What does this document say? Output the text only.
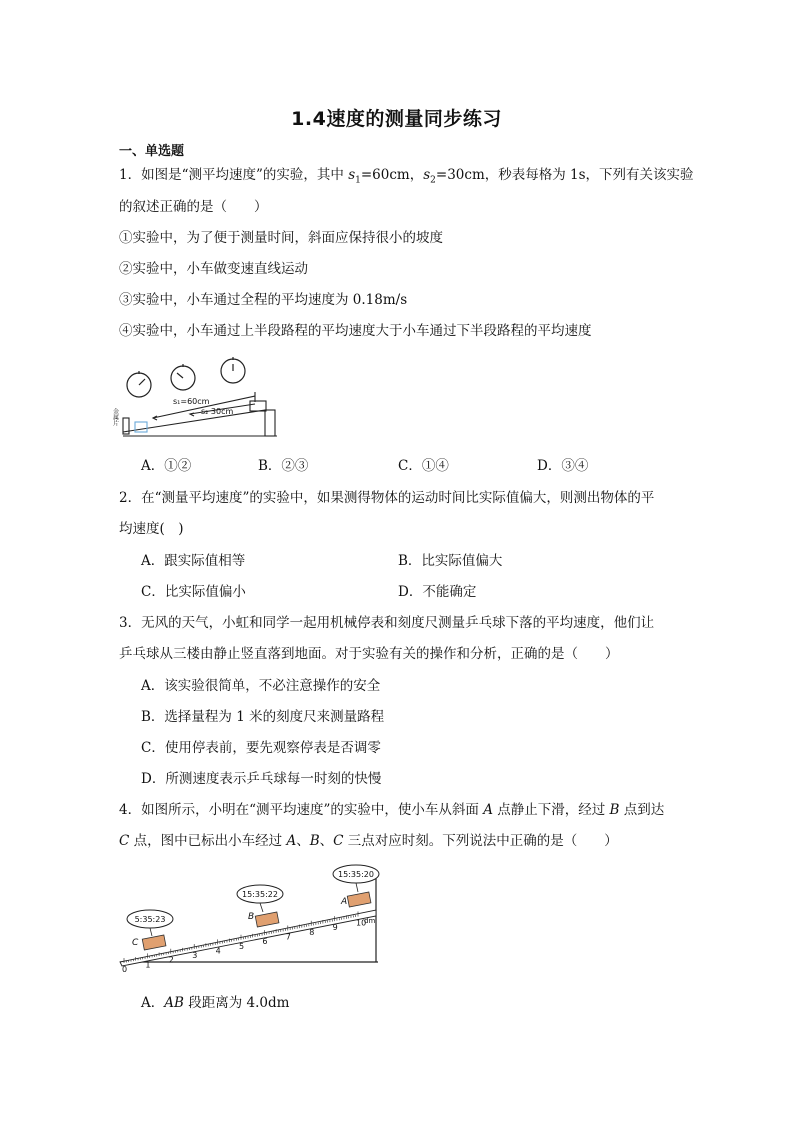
1.4速度的测量同步练习
一、单选题
1．如图是“测平均速度”的实验，其中 $s_1=60cm$，$s_2=30cm$，秒表每格为 1s，下列有关该实验
的叙述正确的是（　　）
①实验中，为了便于测量时间，斜面应保持很小的坡度
②实验中，小车做变速直线运动
③实验中，小车通过全程的平均速度为 0.18m/s
④实验中，小车通过上半段路程的平均速度大于小车通过下半段路程的平均速度
s₁=60cm
s₂ 30cm
金属片
A．①②	B．②③	C．①④	D．③④
2．在“测量平均速度”的实验中，如果测得物体的运动时间比实际值偏大，则测出物体的平
均速度(　)
A．跟实际值相等	B．比实际值偏大
C．比实际值偏小	D．不能确定
3．无风的天气，小虹和同学一起用机械停表和刻度尺测量乒乓球下落的平均速度，他们让
乒乓球从三楼由静止竖直落到地面。对于实验有关的操作和分析，正确的是（　　）
A．该实验很简单，不必注意操作的安全
B．选择量程为 1 米的刻度尺来测量路程
C．使用停表前，要先观察停表是否调零
D．所测速度表示乒乓球每一时刻的快慢
4．如图所示，小明在“测平均速度”的实验中，使小车从斜面 A 点静止下滑，经过 B 点到达
C 点，图中已标出小车经过 A、B、C 三点对应时刻。下列说法中正确的是（　　）
0
1
2
3
4
5
6
7
8
9
10
dm
C
5:35:23	B
15:35:22
A
15:35:20
A．AB 段距离为 4.0dm
